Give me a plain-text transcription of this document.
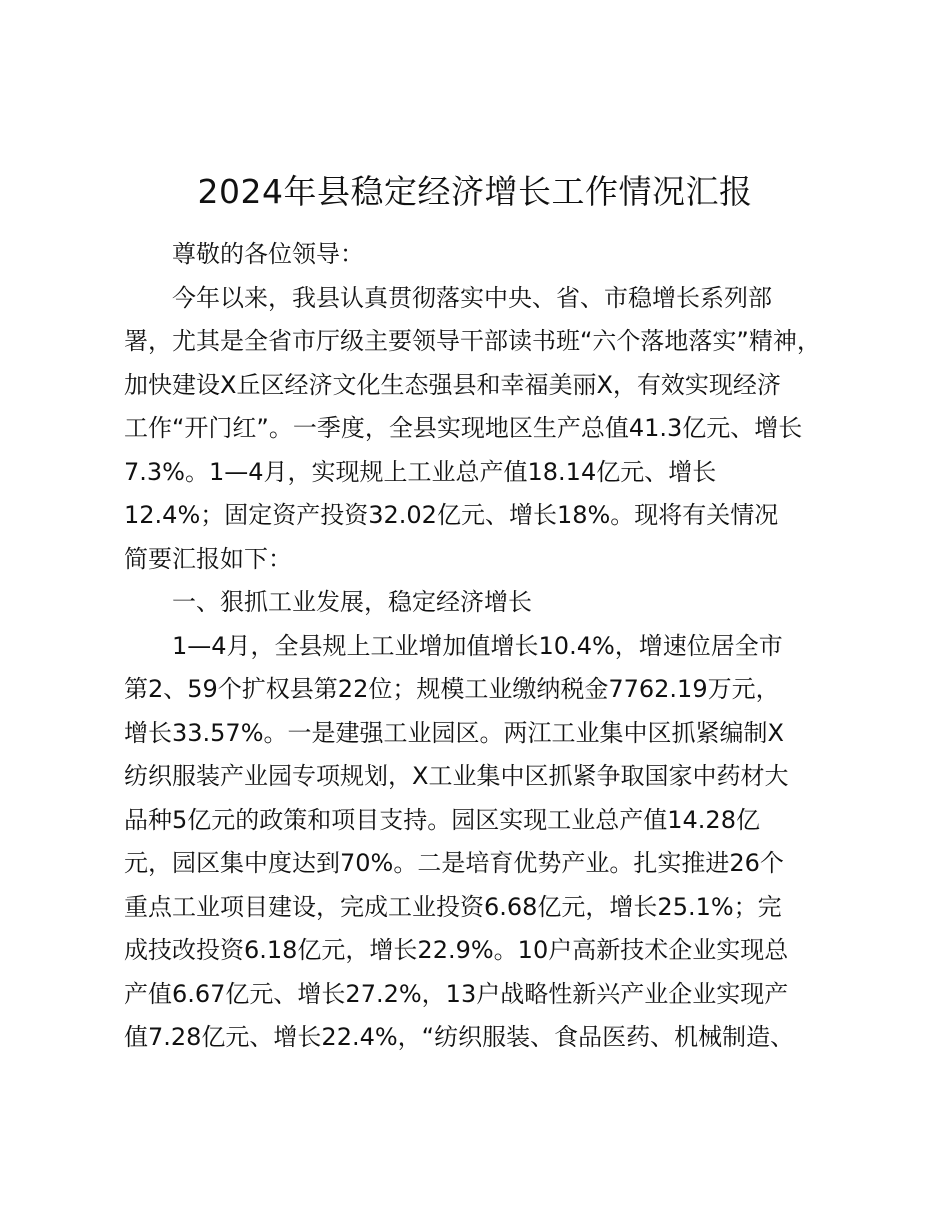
2024年县稳定经济增长工作情况汇报
尊敬的各位领导：
今年以来，我县认真贯彻落实中央、省、市稳增长系列部
署，尤其是全省市厅级主要领导干部读书班“六个落地落实”精神，
加快建设X丘区经济文化生态强县和幸福美丽X，有效实现经济
工作“开门红”。一季度，全县实现地区生产总值41.3亿元、增长
7.3%。1—4月，实现规上工业总产值18.14亿元、增长
12.4%；固定资产投资32.02亿元、增长18%。现将有关情况
简要汇报如下：
一、狠抓工业发展，稳定经济增长
1—4月，全县规上工业增加值增长10.4%，增速位居全市
第2、59个扩权县第22位；规模工业缴纳税金7762.19万元，
增长33.57%。一是建强工业园区。两江工业集中区抓紧编制X
纺织服装产业园专项规划，X工业集中区抓紧争取国家中药材大
品种5亿元的政策和项目支持。园区实现工业总产值14.28亿
元，园区集中度达到70%。二是培育优势产业。扎实推进26个
重点工业项目建设，完成工业投资6.68亿元，增长25.1%；完
成技改投资6.18亿元，增长22.9%。10户高新技术企业实现总
产值6.67亿元、增长27.2%，13户战略性新兴产业企业实现产
值7.28亿元、增长22.4%，“纺织服装、食品医药、机械制造、
